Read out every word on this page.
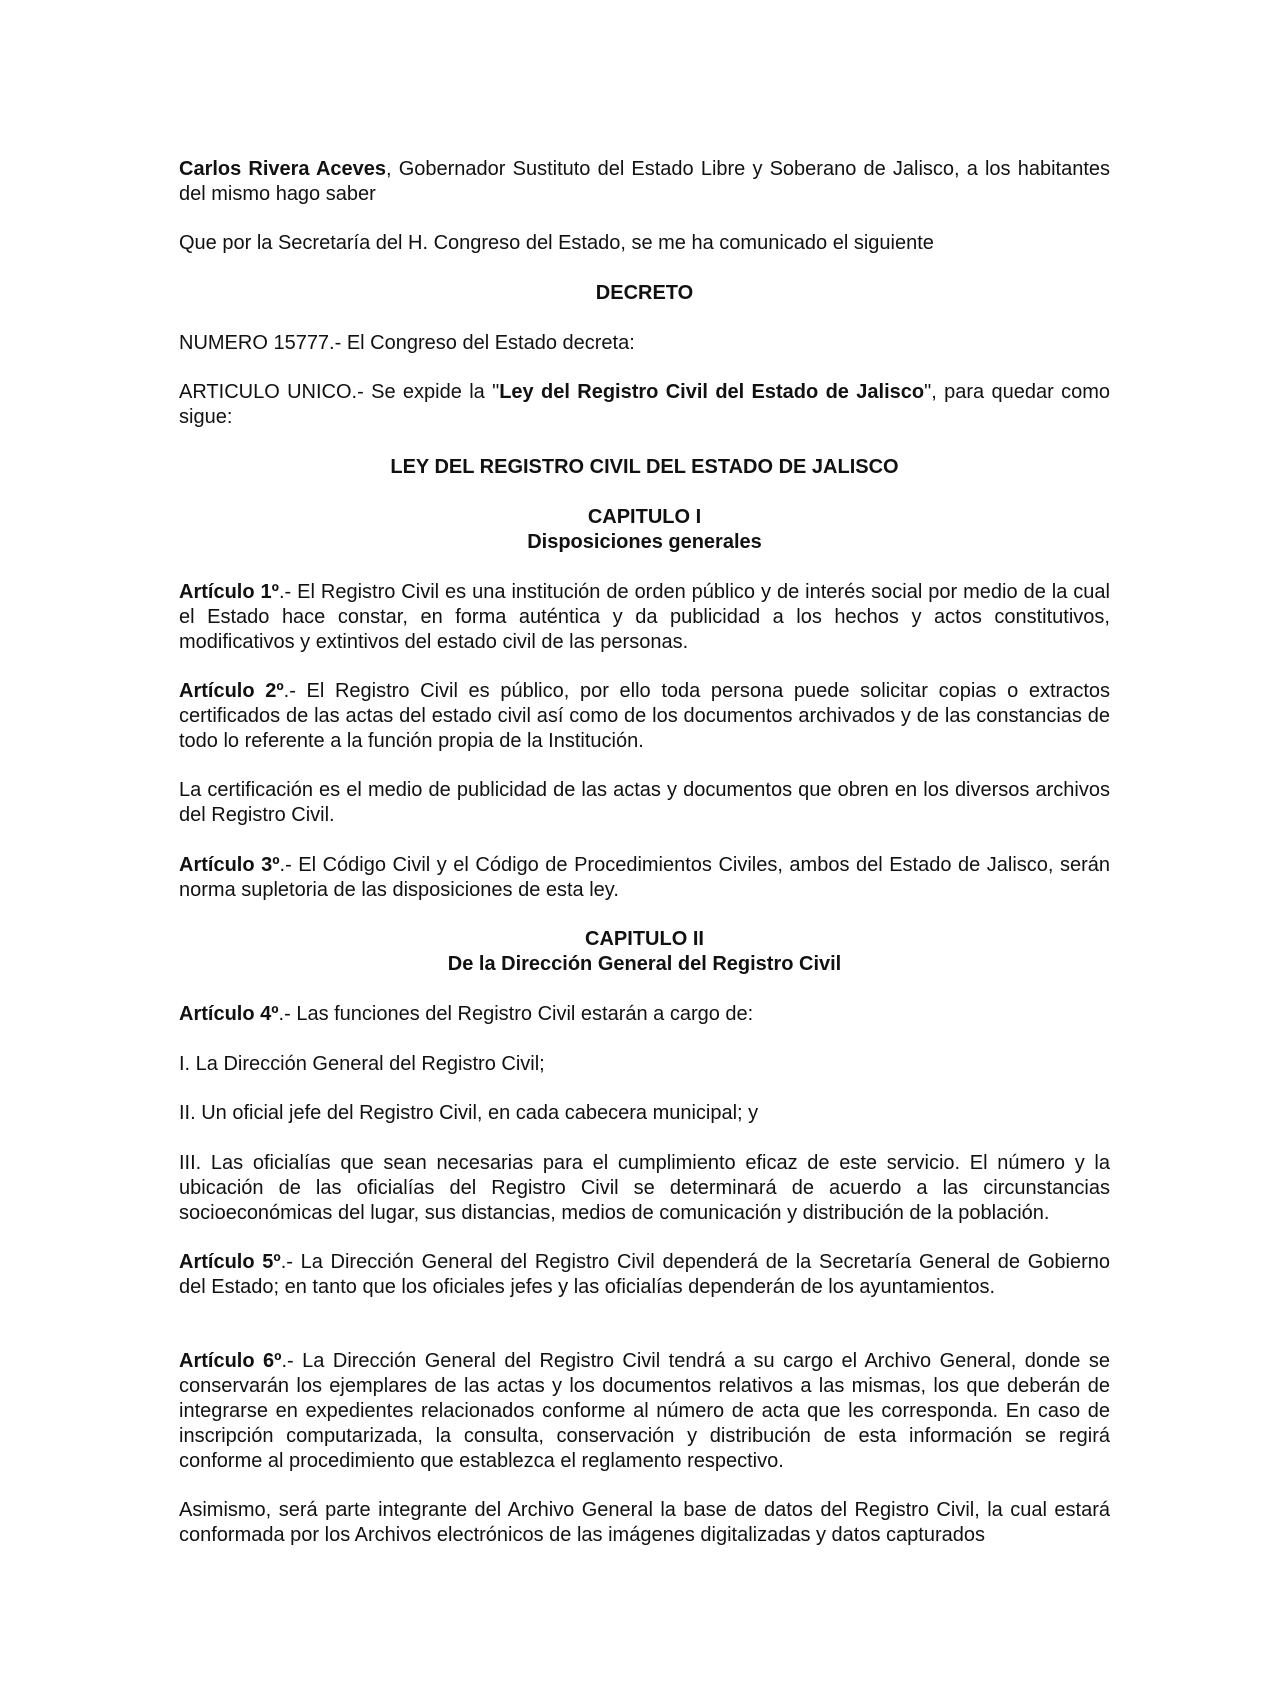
Carlos Rivera Aceves, Gobernador Sustituto del Estado Libre y Soberano de Jalisco, a los habitantes del mismo hago saber

Que por la Secretaría del H. Congreso del Estado, se me ha comunicado el siguiente

DECRETO

NUMERO 15777.- El Congreso del Estado decreta:

ARTICULO UNICO.- Se expide la "Ley del Registro Civil del Estado de Jalisco", para quedar como sigue:

LEY DEL REGISTRO CIVIL DEL ESTADO DE JALISCO

CAPITULO I

Disposiciones generales

Artículo 1º.- El Registro Civil es una institución de orden público y de interés social por medio de la cual el Estado hace constar, en forma auténtica y da publicidad a los hechos y actos constitutivos, modificativos y extintivos del estado civil de las personas.

Artículo 2º.- El Registro Civil es público, por ello toda persona puede solicitar copias o extractos certificados de las actas del estado civil así como de los documentos archivados y de las constancias de todo lo referente a la función propia de la Institución.

La certificación es el medio de publicidad de las actas y documentos que obren en los diversos archivos del Registro Civil.

Artículo 3º.- El Código Civil y el Código de Procedimientos Civiles, ambos del Estado de Jalisco, serán norma supletoria de las disposiciones de esta ley.

CAPITULO II

De la Dirección General del Registro Civil

Artículo 4º.- Las funciones del Registro Civil estarán a cargo de:

I. La Dirección General del Registro Civil;

II. Un oficial jefe del Registro Civil, en cada cabecera municipal; y

III. Las oficialías que sean necesarias para el cumplimiento eficaz de este servicio. El número y la ubicación de las oficialías del Registro Civil se determinará de acuerdo a las circunstancias socioeconómicas del lugar, sus distancias, medios de comunicación y distribución de la población.

Artículo 5º.- La Dirección General del Registro Civil dependerá de la Secretaría General de Gobierno del Estado; en tanto que los oficiales jefes y las oficialías dependerán de los ayuntamientos.

Artículo 6º.- La Dirección General del Registro Civil tendrá a su cargo el Archivo General, donde se conservarán los ejemplares de las actas y los documentos relativos a las mismas, los que deberán de integrarse en expedientes relacionados conforme al número de acta que les corresponda. En caso de inscripción computarizada, la consulta, conservación y distribución de esta información se regirá conforme al procedimiento que establezca el reglamento respectivo.

Asimismo, será parte integrante del Archivo General la base de datos del Registro Civil, la cual estará conformada por los Archivos electrónicos de las imágenes digitalizadas y datos capturados
